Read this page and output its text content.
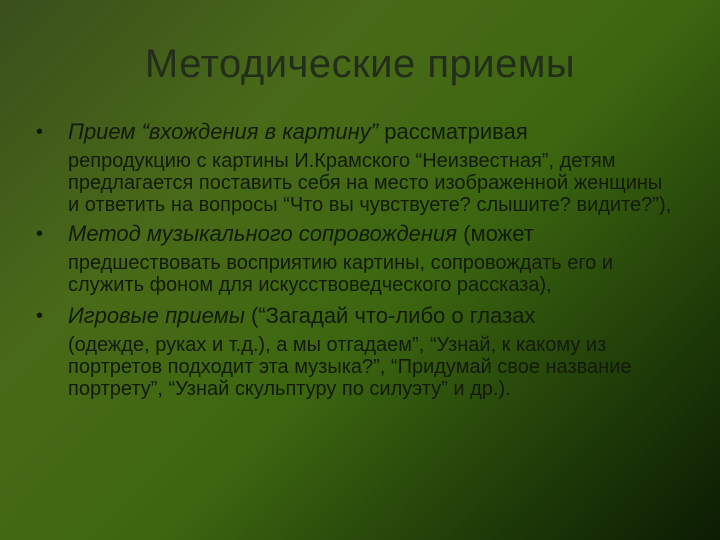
Методические приемы
• Прием “вхождения в картину” рассматривая
репродукцию с картины И.Крамского “Неизвестная”, детям предлагается поставить себя на место изображенной женщины и ответить на вопросы “Что вы чувствуете? слышите? видите?”),
• Метод музыкального сопровождения (может
предшествовать восприятию картины, сопровождать его и служить фоном для искусствоведческого рассказа),
• Игровые приемы (“Загадай что-либо о глазах
(одежде, руках и т.д.), а мы отгадаем”, “Узнай, к какому из портретов подходит эта музыка?”, “Придумай свое название портрету”, “Узнай скульптуру по силуэту” и др.).
